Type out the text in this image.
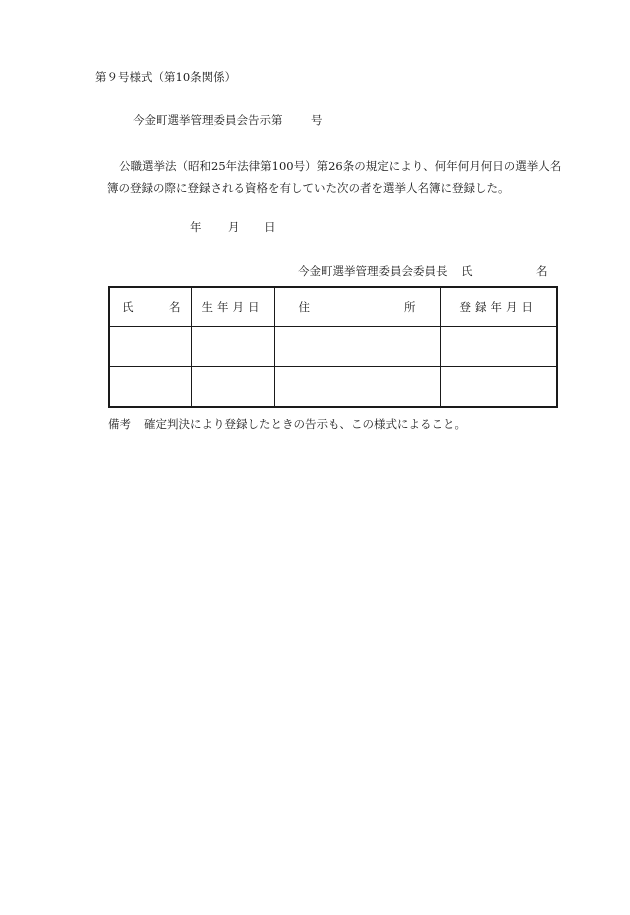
第９号様式（第10条関係）
今金町選挙管理委員会告示第 号
公職選挙法（昭和25年法律第100号）第26条の規定により、何年何月何日の選挙人名
簿の登録の際に登録される資格を有していた次の者を選挙人名簿に登録した。
年 月 日
今金町選挙管理委員会委員長 氏	名
氏 名	生年月日	住 所	登録年月日

備考 確定判決により登録したときの告示も、この様式によること。
